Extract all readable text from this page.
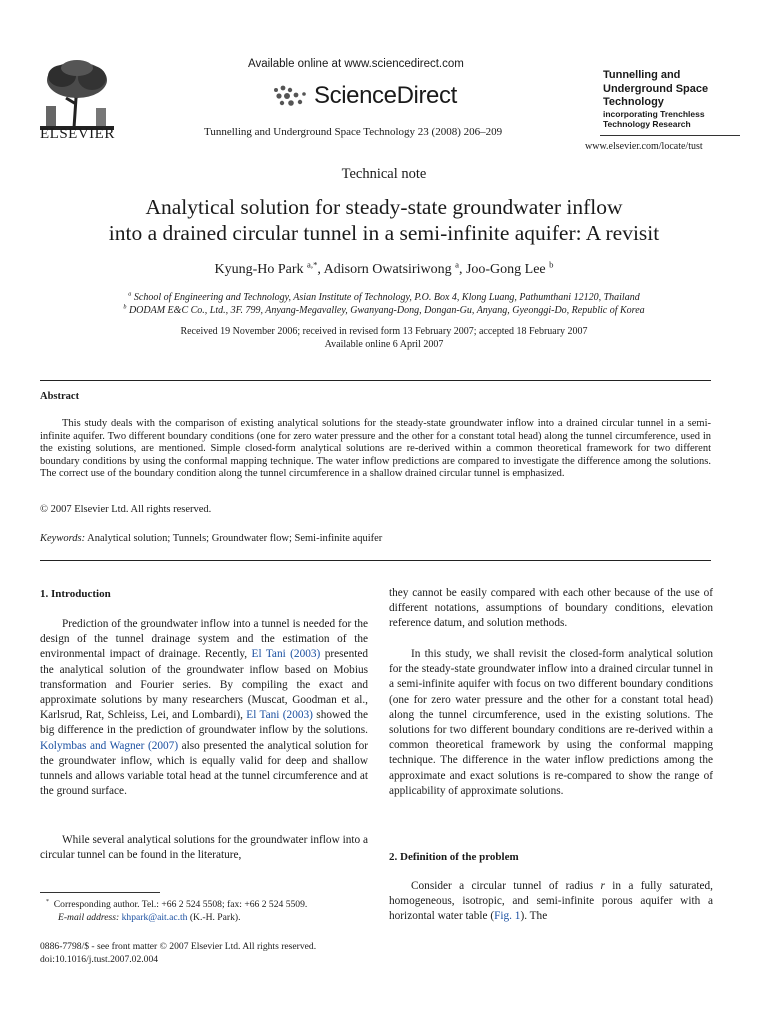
ELSEVIER
Available online at www.sciencedirect.com
ScienceDirect
Tunnelling and Underground Space Technology 23 (2008) 206–209
Tunnelling and Underground Space Technology
incorporating Trenchless Technology Research
www.elsevier.com/locate/tust
Technical note
Analytical solution for steady-state groundwater inflow
into a drained circular tunnel in a semi-infinite aquifer: A revisit
Kyung-Ho Park $^{a,*}$, Adisorn Owatsiriwong $^a$, Joo-Gong Lee $^b$
$^a$ School of Engineering and Technology, Asian Institute of Technology, P.O. Box 4, Klong Luang, Pathumthani 12120, Thailand
$^b$ DODAM E&C Co., Ltd., 3F. 799, Anyang-Megavalley, Gwanyang-Dong, Dongan-Gu, Anyang, Gyeonggi-Do, Republic of Korea
Received 19 November 2006; received in revised form 13 February 2007; accepted 18 February 2007
Available online 6 April 2007
Abstract
This study deals with the comparison of existing analytical solutions for the steady-state groundwater inflow into a drained circular tunnel in a semi-infinite aquifer. Two different boundary conditions (one for zero water pressure and the other for a constant total head) along the tunnel circumference, used in the existing solutions, are mentioned. Simple closed-form analytical solutions are re-derived within a common theoretical framework for two different boundary conditions by using the conformal mapping technique. The water inflow predictions are compared to investigate the difference among the solutions. The correct use of the boundary condition along the tunnel circumference in a shallow drained circular tunnel is emphasized.
© 2007 Elsevier Ltd. All rights reserved.
Keywords: Analytical solution; Tunnels; Groundwater flow; Semi-infinite aquifer
1. Introduction

Prediction of the groundwater inflow into a tunnel is needed for the design of the tunnel drainage system and the estimation of the environmental impact of drainage. Recently, El Tani (2003) presented the analytical solution of the groundwater inflow based on Mobius transformation and Fourier series. By compiling the exact and approximate solutions by many researchers (Muscat, Goodman et al., Karlsrud, Rat, Schleiss, Lei, and Lombardi), El Tani (2003) showed the big difference in the prediction of groundwater inflow by the solutions. Kolymbas and Wagner (2007) also presented the analytical solution for the groundwater inflow, which is equally valid for deep and shallow tunnels and allows variable total head at the tunnel circumference and at the ground surface.

While several analytical solutions for the groundwater inflow into a circular tunnel can be found in the literature,

they cannot be easily compared with each other because of the use of different notations, assumptions of boundary conditions, elevation reference datum, and solution methods.

In this study, we shall revisit the closed-form analytical solution for the steady-state groundwater inflow into a drained circular tunnel in a semi-infinite aquifer with focus on two different boundary conditions (one for zero water pressure and the other for a constant total head) along the tunnel circumference, used in the existing solutions. The solutions for two different boundary conditions are re-derived within a common theoretical framework by using the conformal mapping technique. The difference in the water inflow predictions among the approximate and exact solutions is re-compared to show the range of applicability of approximate solutions.

2. Definition of the problem

Consider a circular tunnel of radius r in a fully saturated, homogeneous, isotropic, and semi-infinite porous aquifer with a horizontal water table (Fig. 1). The

* Corresponding author. Tel.: +66 2 524 5508; fax: +66 2 524 5509.
E-mail address: khpark@ait.ac.th (K.-H. Park).
0886-7798/$ - see front matter © 2007 Elsevier Ltd. All rights reserved.
doi:10.1016/j.tust.2007.02.004
